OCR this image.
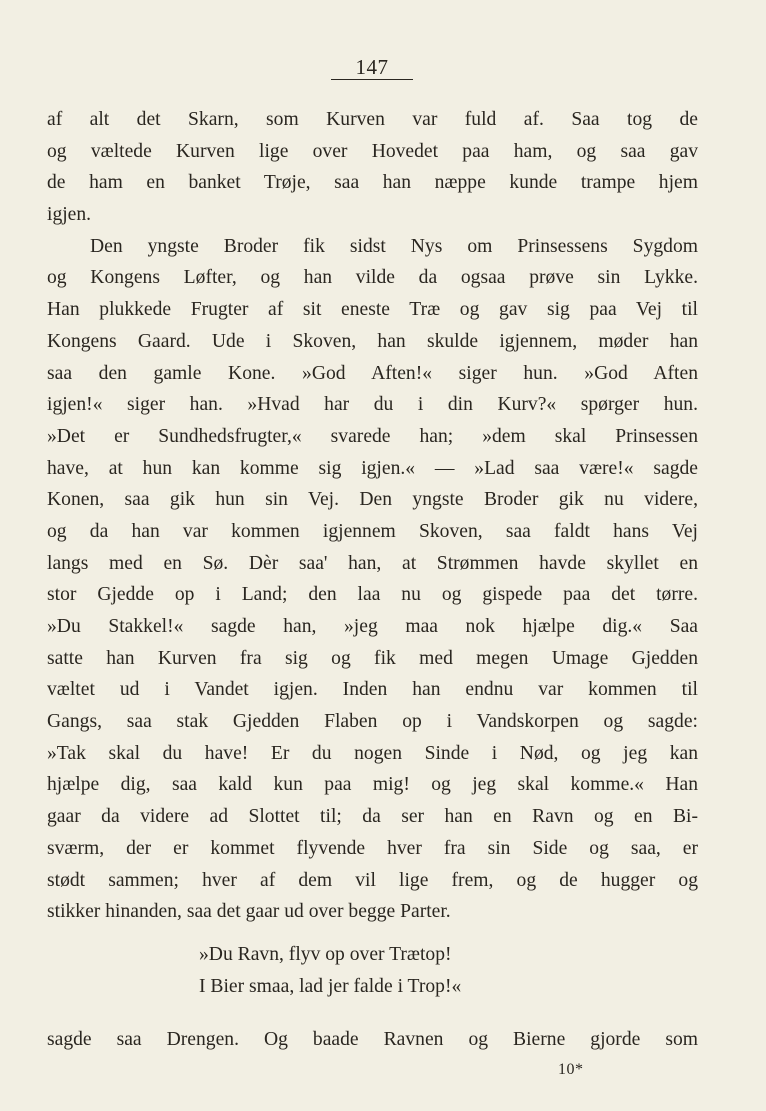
147
af alt det Skarn, som Kurven var fuld af. Saa tog de
og væltede Kurven lige over Hovedet paa ham, og saa gav
de ham en banket Trøje, saa han næppe kunde trampe hjem
igjen.
Den yngste Broder fik sidst Nys om Prinsessens Sygdom
og Kongens Løfter, og han vilde da ogsaa prøve sin Lykke.
Han plukkede Frugter af sit eneste Træ og gav sig paa Vej til
Kongens Gaard. Ude i Skoven, han skulde igjennem, møder han
saa den gamle Kone. »God Aften!« siger hun. »God Aften
igjen!« siger han. »Hvad har du i din Kurv?« spørger hun.
»Det er Sundhedsfrugter,« svarede han; »dem skal Prinsessen
have, at hun kan komme sig igjen.« — »Lad saa være!« sagde
Konen, saa gik hun sin Vej. Den yngste Broder gik nu videre,
og da han var kommen igjennem Skoven, saa faldt hans Vej
langs med en Sø. Dèr saa' han, at Strømmen havde skyllet en
stor Gjedde op i Land; den laa nu og gispede paa det tørre.
»Du Stakkel!« sagde han, »jeg maa nok hjælpe dig.« Saa
satte han Kurven fra sig og fik med megen Umage Gjedden
væltet ud i Vandet igjen. Inden han endnu var kommen til
Gangs, saa stak Gjedden Flaben op i Vandskorpen og sagde:
»Tak skal du have! Er du nogen Sinde i Nød, og jeg kan
hjælpe dig, saa kald kun paa mig! og jeg skal komme.« Han
gaar da videre ad Slottet til; da ser han en Ravn og en Bi-
sværm, der er kommet flyvende hver fra sin Side og saa, er
stødt sammen; hver af dem vil lige frem, og de hugger og
stikker hinanden, saa det gaar ud over begge Parter.
»Du Ravn, flyv op over Trætop!
I Bier smaa, lad jer falde i Trop!«
sagde saa Drengen. Og baade Ravnen og Bierne gjorde som
10*
